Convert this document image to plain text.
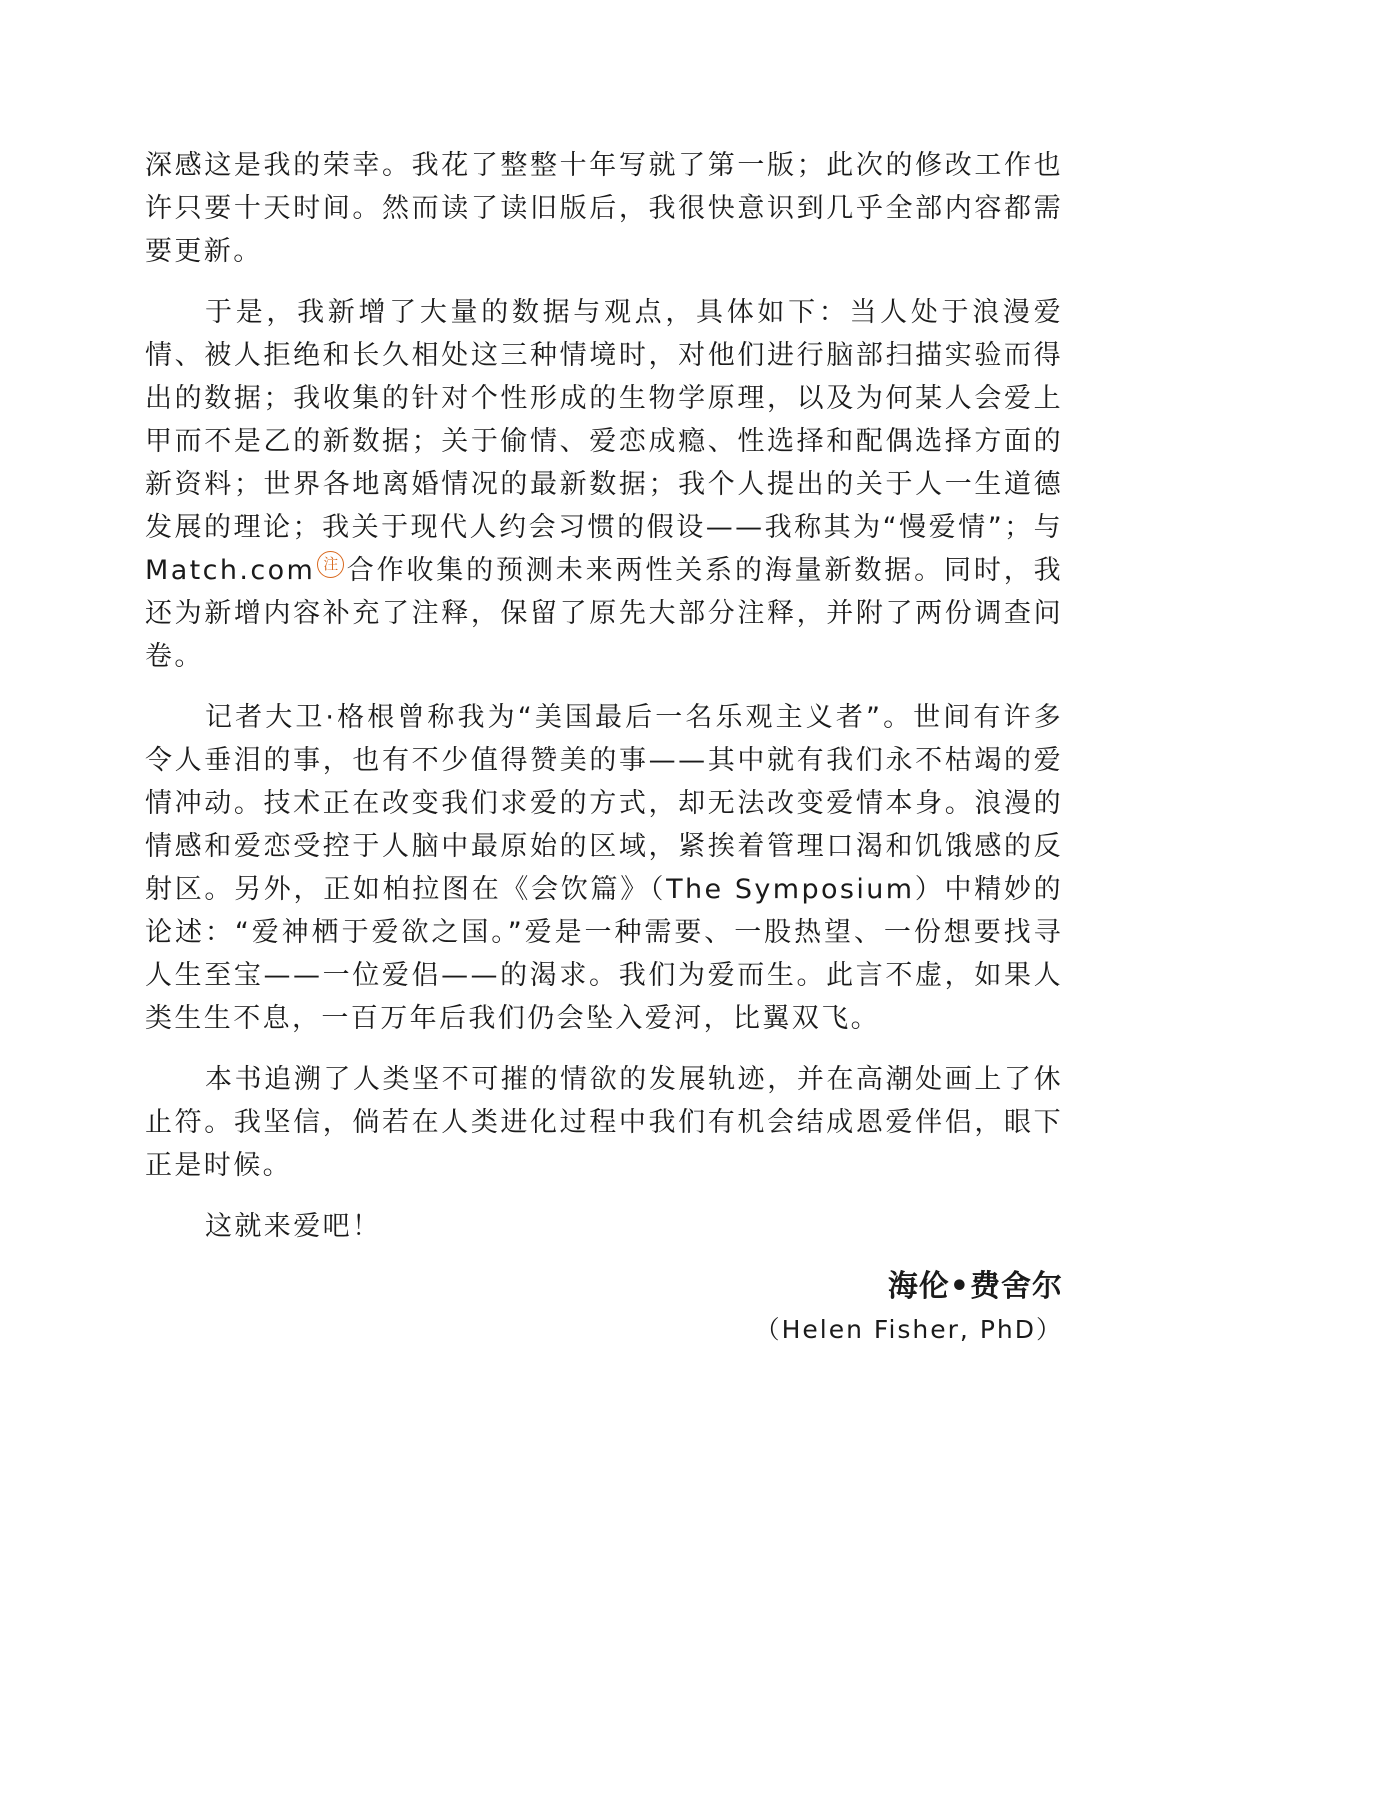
深感这是我的荣幸。我花了整整十年写就了第一版；此次的修改工作也许只要十天时间。然而读了读旧版后，我很快意识到几乎全部内容都需要更新。

于是，我新增了大量的数据与观点，具体如下：当人处于浪漫爱情、被人拒绝和长久相处这三种情境时，对他们进行脑部扫描实验而得出的数据；我收集的针对个性形成的生物学原理，以及为何某人会爱上甲而不是乙的新数据；关于偷情、爱恋成瘾、性选择和配偶选择方面的新资料；世界各地离婚情况的最新数据；我个人提出的关于人一生道德发展的理论；我关于现代人约会习惯的假设——我称其为“慢爱情”；与Match.com 注 合作收集的预测未来两性关系的海量新数据。同时，我还为新增内容补充了注释，保留了原先大部分注释，并附了两份调查问卷。

记者大卫·格根曾称我为“美国最后一名乐观主义者”。世间有许多令人垂泪的事，也有不少值得赞美的事——其中就有我们永不枯竭的爱情冲动。技术正在改变我们求爱的方式，却无法改变爱情本身。浪漫的情感和爱恋受控于人脑中最原始的区域，紧挨着管理口渴和饥饿感的反射区。另外，正如柏拉图在《会饮篇》（The Symposium）中精妙的论述：“爱神栖于爱欲之国。”爱是一种需要、一股热望、一份想要找寻人生至宝——一位爱侣——的渴求。我们为爱而生。此言不虚，如果人类生生不息，一百万年后我们仍会坠入爱河，比翼双飞。

本书追溯了人类坚不可摧的情欲的发展轨迹，并在高潮处画上了休止符。我坚信，倘若在人类进化过程中我们有机会结成恩爱伴侣，眼下正是时候。

这就来爱吧！

海伦•费舍尔
（Helen Fisher, PhD）
